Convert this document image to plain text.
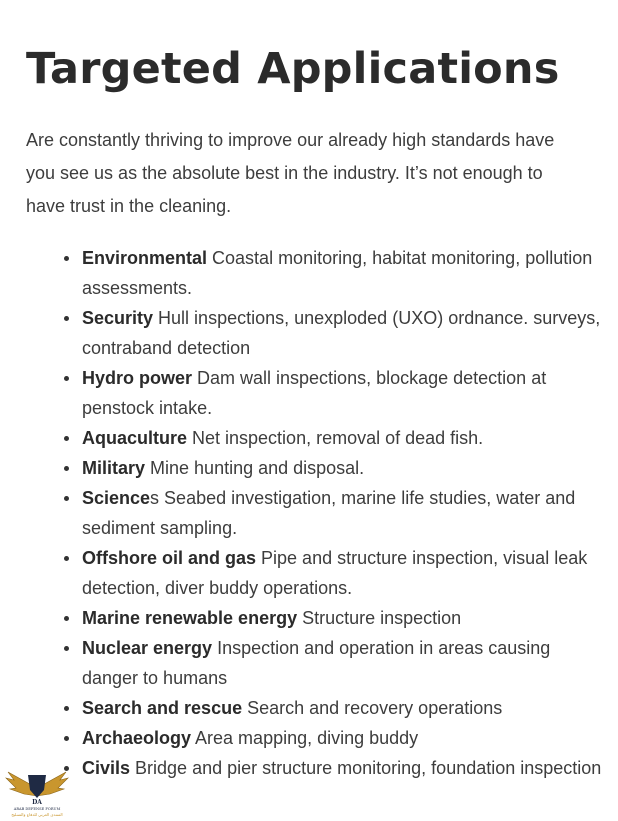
Targeted Applications

Are constantly thriving to improve our already high standards have you see us as the absolute best in the industry. It’s not enough to have trust in the cleaning.

Environmental Coastal monitoring, habitat monitoring, pollution assessments.
Security Hull inspections, unexploded (UXO) ordnance. surveys, contraband detection
Hydro power Dam wall inspections, blockage detection at penstock intake.
Aquaculture Net inspection, removal of dead fish.
Military Mine hunting and disposal.
Sciences Seabed investigation, marine life studies, water and sediment sampling.
Offshore oil and gas Pipe and structure inspection, visual leak detection, diver buddy operations.
Marine renewable energy Structure inspection
Nuclear energy Inspection and operation in areas causing danger to humans
Search and rescue Search and recovery operations
Archaeology Area mapping, diving buddy
Civils Bridge and pier structure monitoring, foundation inspection
DA
ARAB DEFENSE FORUM
المنتدى العربي للدفاع والتسليح
